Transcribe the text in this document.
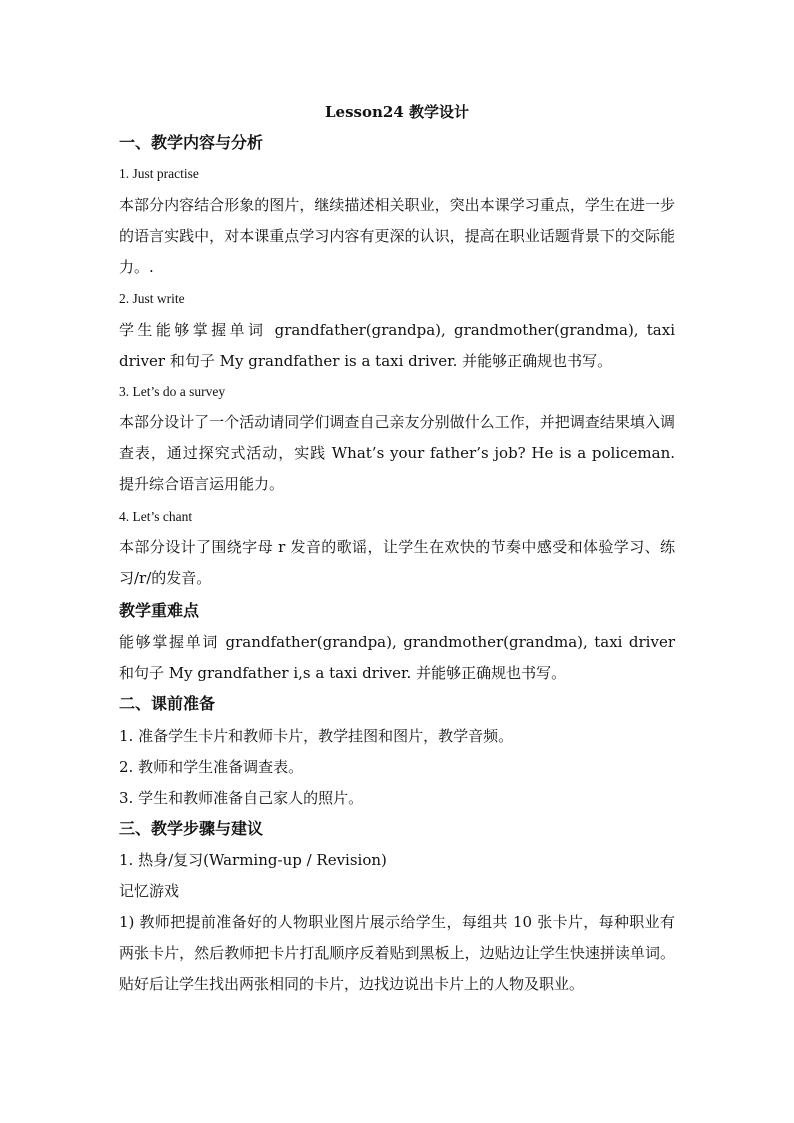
Lesson24 教学设计
一、教学内容与分析
1. Just practise
本部分内容结合形象的图片，继续描述相关职业，突出本课学习重点，学生在进一步的语言实践中，对本课重点学习内容有更深的认识，提高在职业话题背景下的交际能力。.
2. Just write
学生能够掌握单词 grandfather(grandpa), grandmother(grandma), taxi driver 和句子 My grandfather is a taxi driver. 并能够正确规也书写。
3. Let’s do a survey
本部分设计了一个活动请同学们调查自己亲友分别做什么工作，并把调查结果填入调查表，通过探究式活动，实践 What’s your father’s job? He is a policeman. 提升综合语言运用能力。
4. Let’s chant
本部分设计了围绕字母 r 发音的歌谣，让学生在欢快的节奏中感受和体验学习、练习/r/的发音。
教学重难点
能够掌握单词 grandfather(grandpa), grandmother(grandma), taxi driver 和句子 My grandfather i,s a taxi driver. 并能够正确规也书写。
二、课前准备
1. 准备学生卡片和教师卡片，教学挂图和图片，教学音频。
2. 教师和学生准备调查表。
3. 学生和教师准备自己家人的照片。
三、教学步骤与建议
1. 热身/复习(Warming-up / Revision)
记忆游戏
1) 教师把提前准备好的人物职业图片展示给学生，每组共 10 张卡片，每种职业有两张卡片，然后教师把卡片打乱顺序反着贴到黑板上，边贴边让学生快速拼读单词。贴好后让学生找出两张相同的卡片，边找边说出卡片上的人物及职业。
